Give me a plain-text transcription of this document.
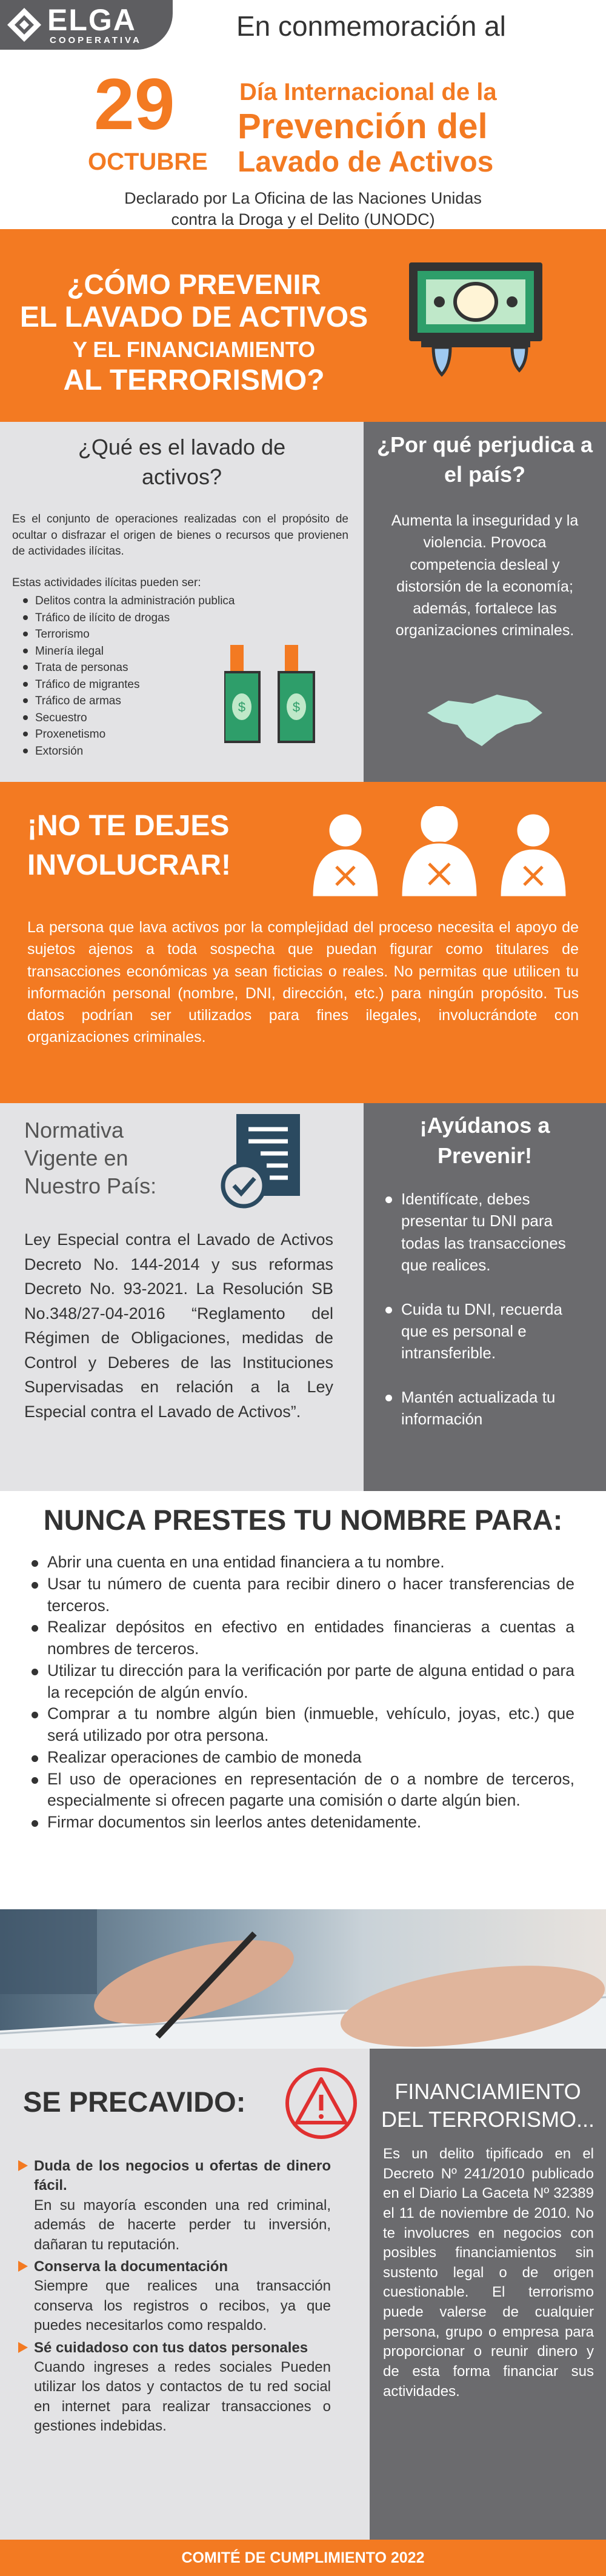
ELGA
COOPERATIVA	En conmemoración al
29
OCTUBRE
Día Internacional de la
Prevención del
Lavado de Activos
Declarado por La Oficina de las Naciones Unidas
contra la Droga y el Delito (UNODC)
¿CÓMO PREVENIR
EL LAVADO DE ACTIVOS
Y EL FINANCIAMIENTO
AL TERRORISMO?
¿Qué es el lavado de activos?
Es el conjunto de operaciones realizadas con el propósito de ocultar o disfrazar el origen de bienes o recursos que provienen de actividades ilícitas.
Estas actividades ilícitas pueden ser:
Delitos contra la administración publica
Tráfico de ilícito de drogas
Terrorismo
Minería ilegal
Trata de personas
Tráfico de migrantes
Tráfico de armas
Secuestro
Proxenetismo
Extorsión
$	$
¿Por qué perjudica a el país?
Aumenta la inseguridad y la violencia. Provoca competencia desleal y distorsión de la economía; además, fortalece las organizaciones criminales.
¡NO TE DEJES
INVOLUCRAR!
La persona que lava activos por la complejidad del proceso necesita el apoyo de sujetos ajenos a toda sospecha que puedan figurar como titulares de transacciones económicas ya sean ficticias o reales. No permitas que utilicen tu información personal (nombre, DNI, dirección, etc.) para ningún propósito. Tus datos podrían ser utilizados para fines ilegales, involucrándote con organizaciones criminales.
Normativa
Vigente en
Nuestro País:
Ley Especial contra el Lavado de Activos Decreto No. 144-2014 y sus reformas Decreto No. 93-2021. La Resolución SB No.348/27-04-2016 “Reglamento del Régimen de Obligaciones, medidas de Control y Deberes de las Instituciones Supervisadas en relación a la Ley Especial contra el Lavado de Activos”.
¡Ayúdanos a
Prevenir!
Identifícate, debes presentar tu DNI para todas las transacciones que realices.
Cuida tu DNI, recuerda que es personal e intransferible.
Mantén actualizada tu información
NUNCA PRESTES TU NOMBRE PARA:
Abrir una cuenta en una entidad financiera a tu nombre.
Usar tu número de cuenta para recibir dinero o hacer transferencias de terceros.
Realizar depósitos en efectivo en entidades financieras a cuentas a nombres de terceros.
Utilizar tu dirección para la verificación por parte de alguna entidad o para la recepción de algún envío.
Comprar a tu nombre algún bien (inmueble, vehículo, joyas, etc.) que será utilizado por otra persona.
Realizar operaciones de cambio de moneda
El uso de operaciones en representación de o a nombre de terceros, especialmente si ofrecen pagarte una comisión o darte algún bien.
Firmar documentos sin leerlos antes detenidamente.
SE PRECAVIDO:
Duda de los negocios u ofertas de dinero fácil.
En su mayoría esconden una red criminal, además de hacerte perder tu inversión, dañaran tu reputación.
Conserva la documentación
Siempre que realices una transacción conserva los registros o recibos, ya que puedes necesitarlos como respaldo.
Sé cuidadoso con tus datos personales
Cuando ingreses a redes sociales Pueden utilizar los datos y contactos de tu red social en internet para realizar transacciones o gestiones indebidas.
FINANCIAMIENTO
DEL TERRORISMO...
Es un delito tipificado en el Decreto Nº 241/2010 publicado en el Diario La Gaceta Nº 32389 el 11 de noviembre de 2010. No te involucres en negocios con posibles financiamientos sin sustento legal o de origen cuestionable. El terrorismo puede valerse de cualquier persona, grupo o empresa para proporcionar o reunir dinero y de esta forma financiar sus actividades.
COMITÉ DE CUMPLIMIENTO 2022
